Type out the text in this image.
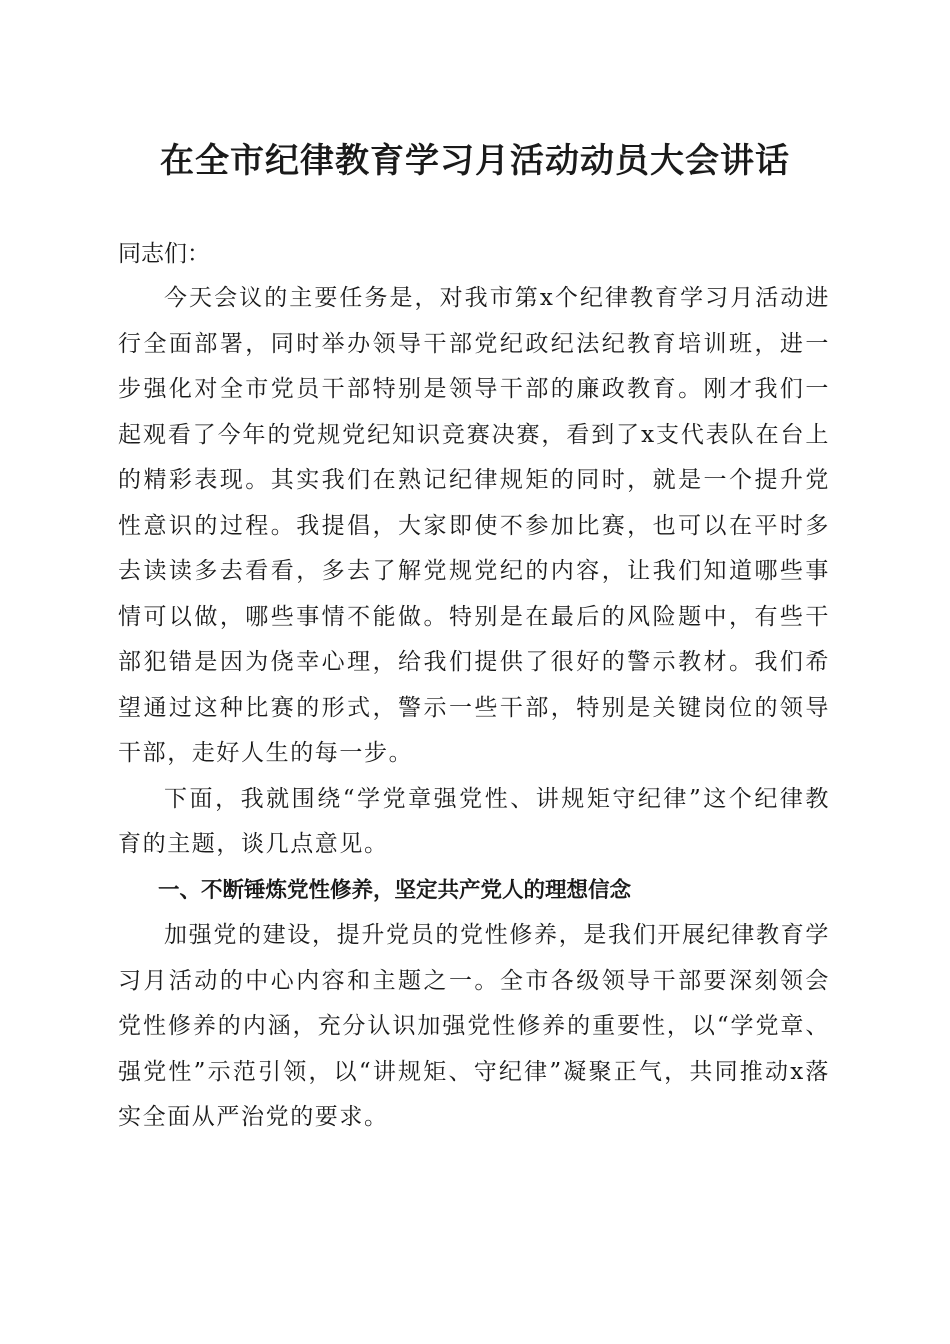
在全市纪律教育学习月活动动员大会讲话

同志们：

今天会议的主要任务是，对我市第x个纪律教育学习月活动进行全面部署，同时举办领导干部党纪政纪法纪教育培训班，进一步强化对全市党员干部特别是领导干部的廉政教育。刚才我们一起观看了今年的党规党纪知识竞赛决赛，看到了x支代表队在台上的精彩表现。其实我们在熟记纪律规矩的同时，就是一个提升党性意识的过程。我提倡，大家即使不参加比赛，也可以在平时多去读读多去看看，多去了解党规党纪的内容，让我们知道哪些事情可以做，哪些事情不能做。特别是在最后的风险题中，有些干部犯错是因为侥幸心理，给我们提供了很好的警示教材。我们希望通过这种比赛的形式，警示一些干部，特别是关键岗位的领导干部，走好人生的每一步。

下面，我就围绕“学党章强党性、讲规矩守纪律”这个纪律教育的主题，谈几点意见。

一、不断锤炼党性修养，坚定共产党人的理想信念

加强党的建设，提升党员的党性修养，是我们开展纪律教育学习月活动的中心内容和主题之一。全市各级领导干部要深刻领会党性修养的内涵，充分认识加强党性修养的重要性，以“学党章、强党性”示范引领，以“讲规矩、守纪律”凝聚正气，共同推动x落实全面从严治党的要求。
